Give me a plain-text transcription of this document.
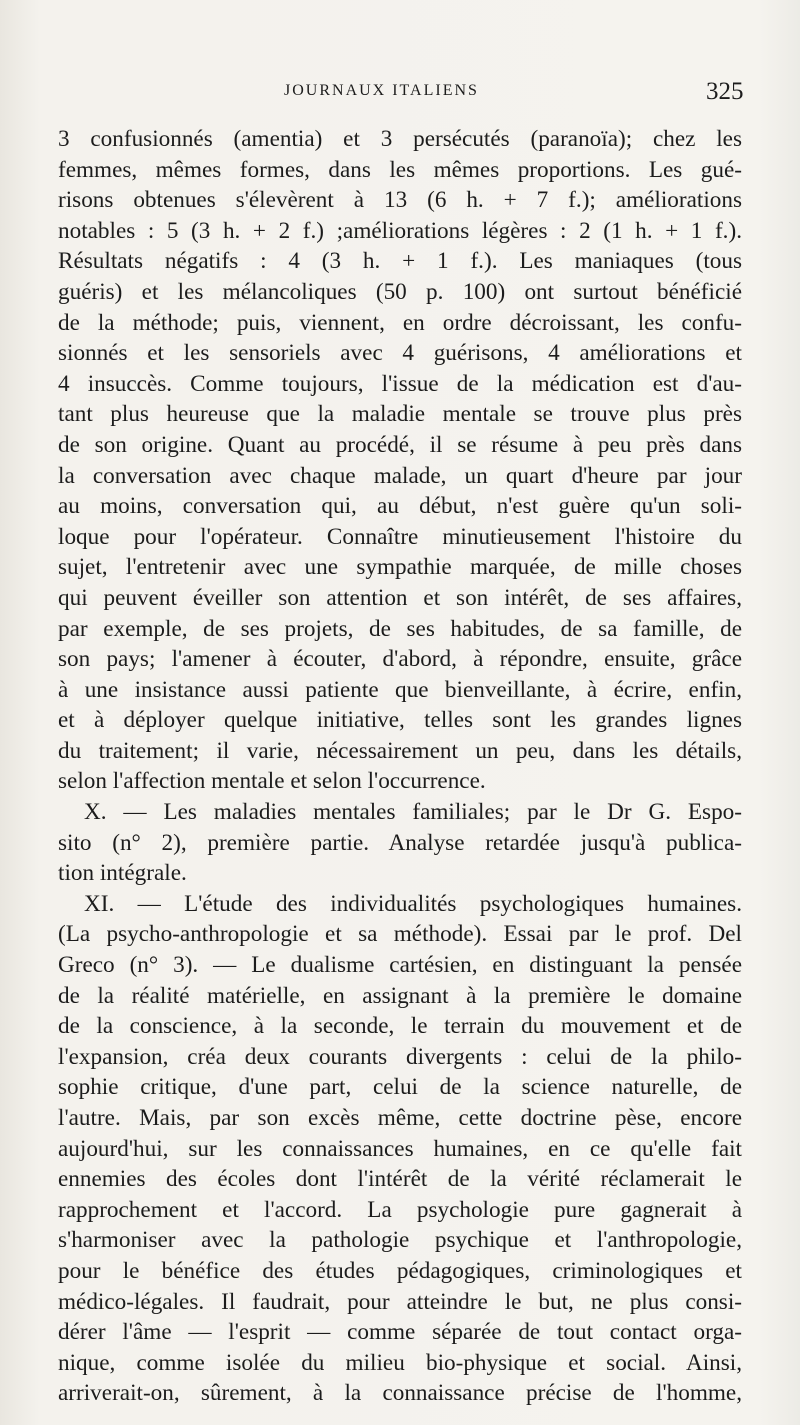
JOURNAUX ITALIENS	325
3 confusionnés (amentia) et 3 persécutés (paranoïa); chez les
femmes, mêmes formes, dans les mêmes proportions. Les gué-
risons obtenues s'élevèrent à 13 (6 h. + 7 f.); améliorations
notables : 5 (3 h. + 2 f.) ;améliorations légères : 2 (1 h. + 1 f.).
Résultats négatifs : 4 (3 h. + 1 f.). Les maniaques (tous
guéris) et les mélancoliques (50 p. 100) ont surtout bénéficié
de la méthode; puis, viennent, en ordre décroissant, les confu-
sionnés et les sensoriels avec 4 guérisons, 4 améliorations et
4 insuccès. Comme toujours, l'issue de la médication est d'au-
tant plus heureuse que la maladie mentale se trouve plus près
de son origine. Quant au procédé, il se résume à peu près dans
la conversation avec chaque malade, un quart d'heure par jour
au moins, conversation qui, au début, n'est guère qu'un soli-
loque pour l'opérateur. Connaître minutieusement l'histoire du
sujet, l'entretenir avec une sympathie marquée, de mille choses
qui peuvent éveiller son attention et son intérêt, de ses affaires,
par exemple, de ses projets, de ses habitudes, de sa famille, de
son pays; l'amener à écouter, d'abord, à répondre, ensuite, grâce
à une insistance aussi patiente que bienveillante, à écrire, enfin,
et à déployer quelque initiative, telles sont les grandes lignes
du traitement; il varie, nécessairement un peu, dans les détails,
selon l'affection mentale et selon l'occurrence.
X. — Les maladies mentales familiales; par le Dr G. Espo-
sito (n° 2), première partie. Analyse retardée jusqu'à publica-
tion intégrale.
XI. — L'étude des individualités psychologiques humaines.
(La psycho-anthropologie et sa méthode). Essai par le prof. Del
Greco (n° 3). — Le dualisme cartésien, en distinguant la pensée
de la réalité matérielle, en assignant à la première le domaine
de la conscience, à la seconde, le terrain du mouvement et de
l'expansion, créa deux courants divergents : celui de la philo-
sophie critique, d'une part, celui de la science naturelle, de
l'autre. Mais, par son excès même, cette doctrine pèse, encore
aujourd'hui, sur les connaissances humaines, en ce qu'elle fait
ennemies des écoles dont l'intérêt de la vérité réclamerait le
rapprochement et l'accord. La psychologie pure gagnerait à
s'harmoniser avec la pathologie psychique et l'anthropologie,
pour le bénéfice des études pédagogiques, criminologiques et
médico-légales. Il faudrait, pour atteindre le but, ne plus consi-
dérer l'âme — l'esprit — comme séparée de tout contact orga-
nique, comme isolée du milieu bio-physique et social. Ainsi,
arriverait-on, sûrement, à la connaissance précise de l'homme,
